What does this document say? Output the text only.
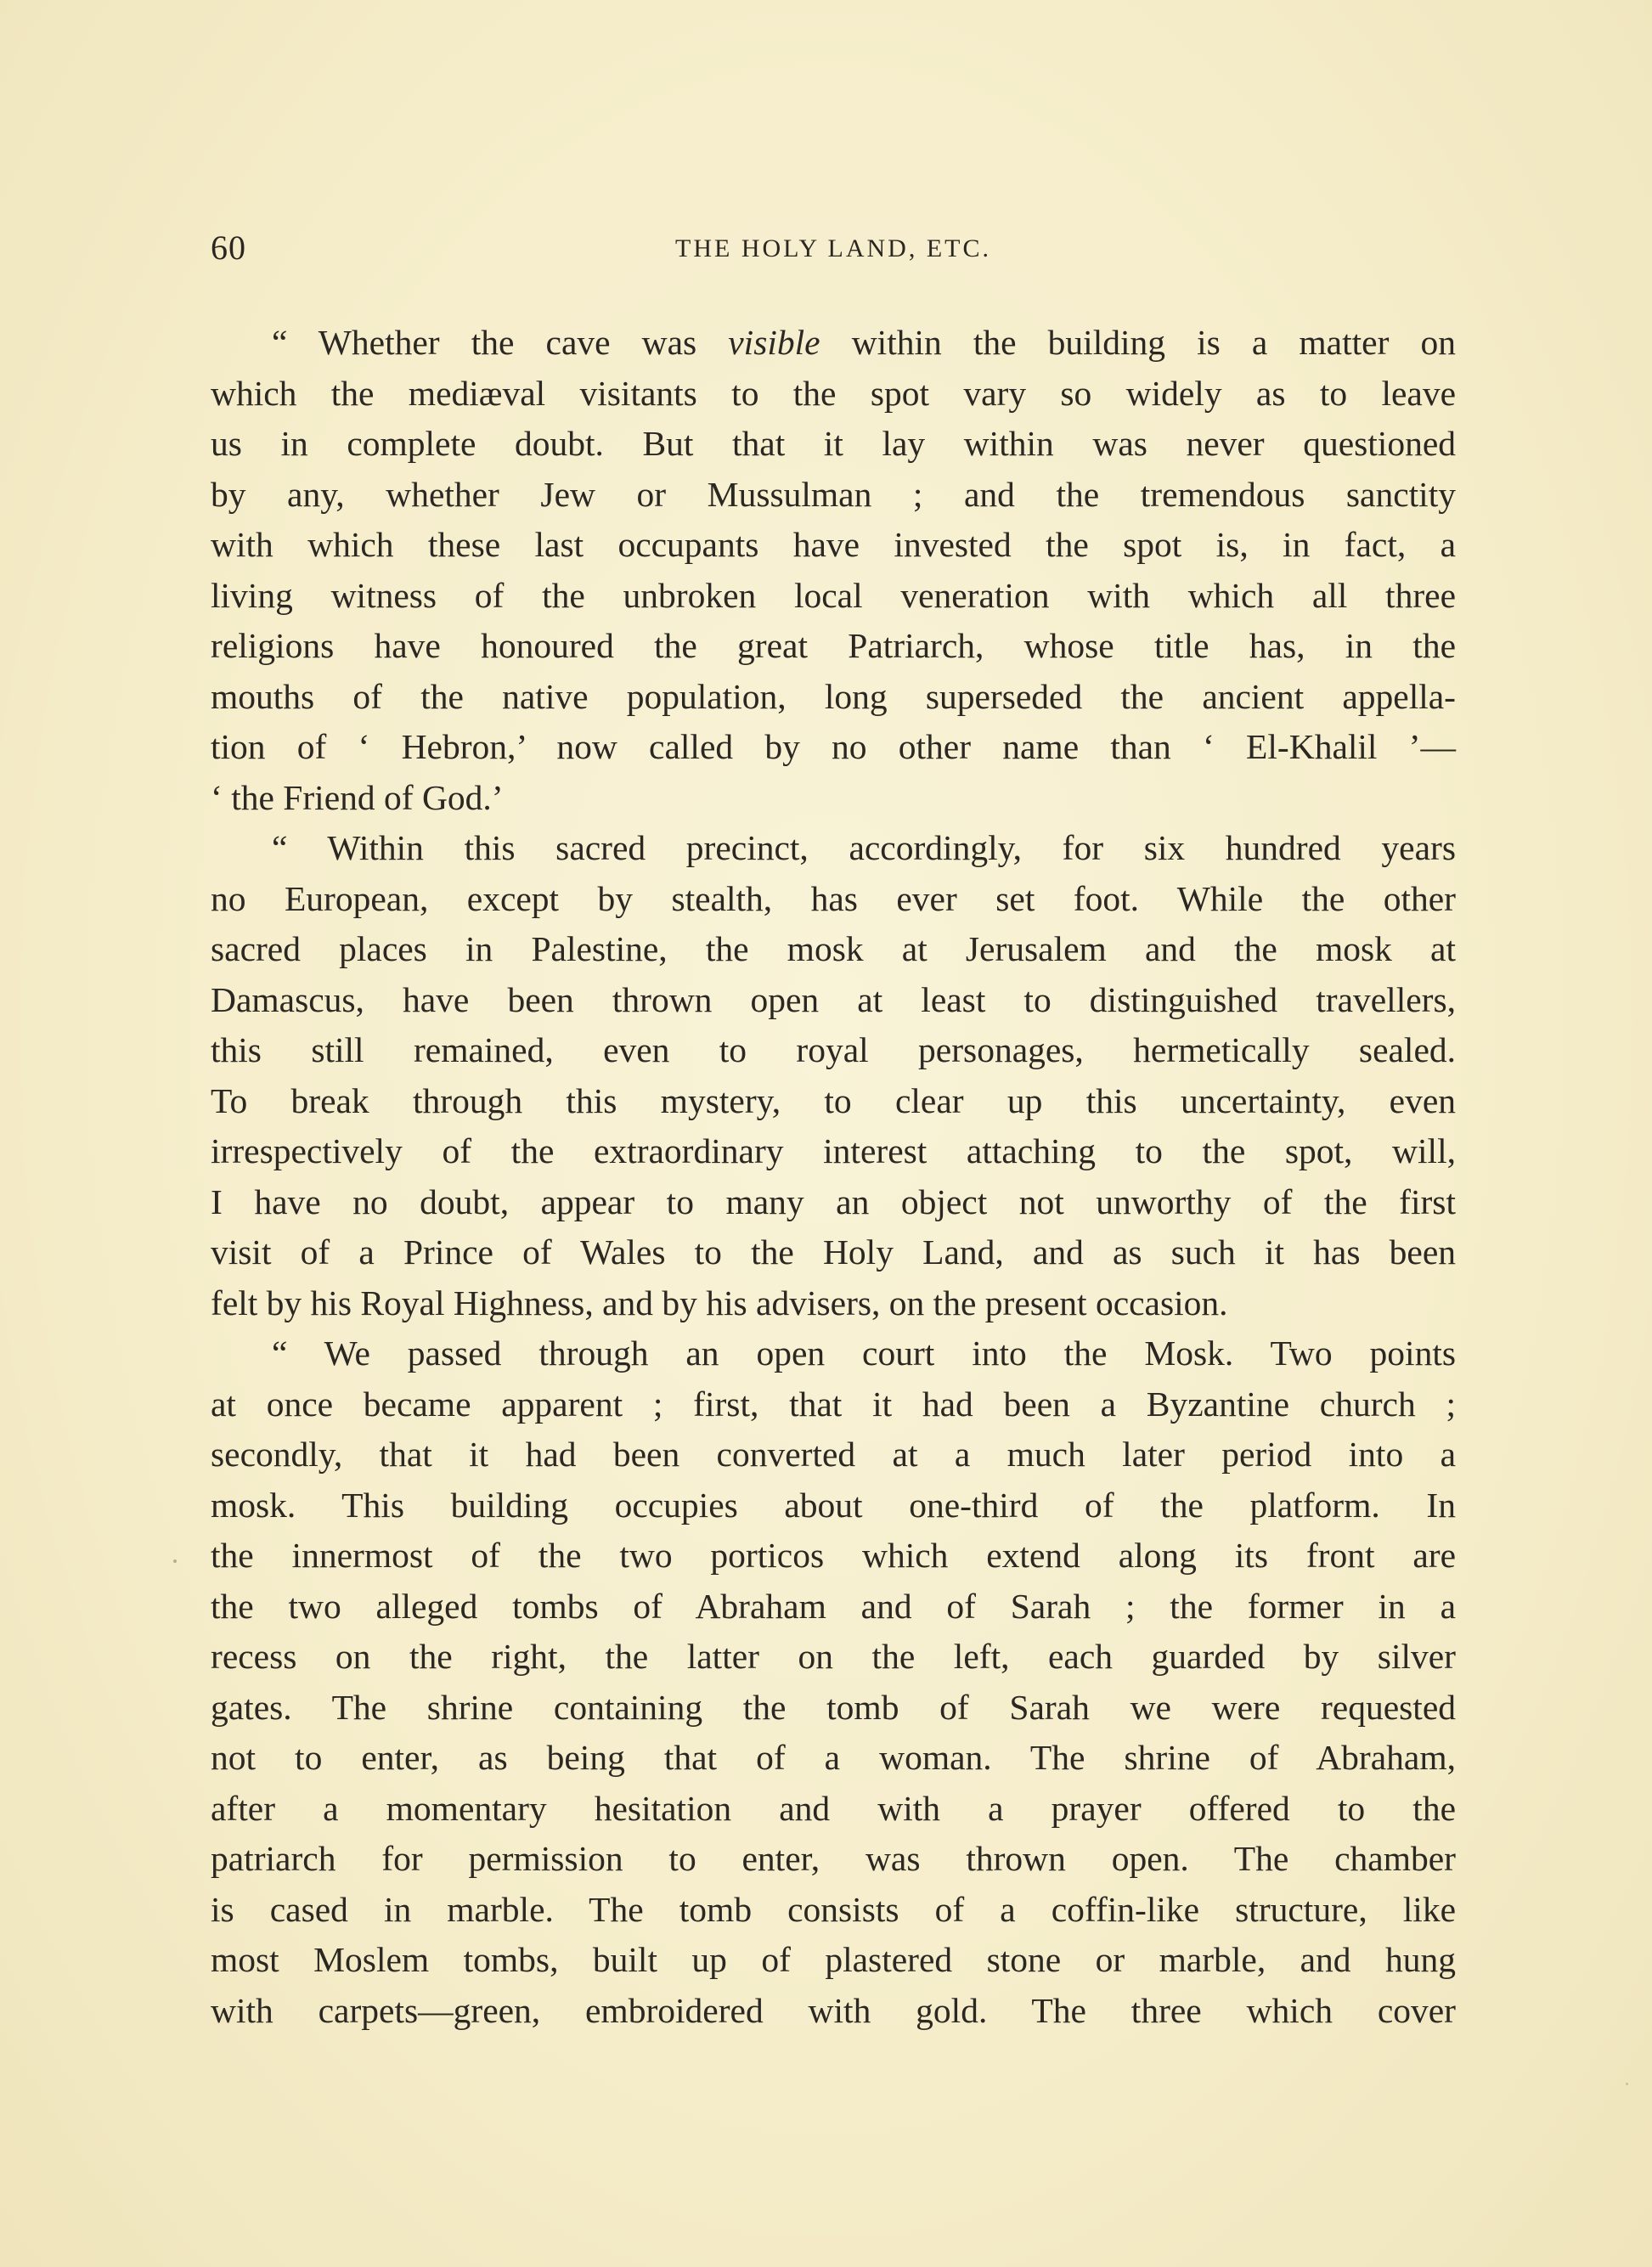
60	THE HOLY LAND, ETC.
“ Whether the cave was visible within the building is a matter on
which the mediæval visitants to the spot vary so widely as to leave
us in complete doubt. But that it lay within was never questioned
by any, whether Jew or Mussulman ; and the tremendous sanctity
with which these last occupants have invested the spot is, in fact, a
living witness of the unbroken local veneration with which all three
religions have honoured the great Patriarch, whose title has, in the
mouths of the native population, long superseded the ancient appella-
tion of ‘ Hebron,’ now called by no other name than ‘ El-Khalil ’—
‘ the Friend of God.’
“ Within this sacred precinct, accordingly, for six hundred years
no European, except by stealth, has ever set foot. While the other
sacred places in Palestine, the mosk at Jerusalem and the mosk at
Damascus, have been thrown open at least to distinguished travellers,
this still remained, even to royal personages, hermetically sealed.
To break through this mystery, to clear up this uncertainty, even
irrespectively of the extraordinary interest attaching to the spot, will,
I have no doubt, appear to many an object not unworthy of the first
visit of a Prince of Wales to the Holy Land, and as such it has been
felt by his Royal Highness, and by his advisers, on the present occasion.
“ We passed through an open court into the Mosk. Two points
at once became apparent ; first, that it had been a Byzantine church ;
secondly, that it had been converted at a much later period into a
mosk. This building occupies about one-third of the platform. In
the innermost of the two porticos which extend along its front are
the two alleged tombs of Abraham and of Sarah ; the former in a
recess on the right, the latter on the left, each guarded by silver
gates. The shrine containing the tomb of Sarah we were requested
not to enter, as being that of a woman. The shrine of Abraham,
after a momentary hesitation and with a prayer offered to the
patriarch for permission to enter, was thrown open. The chamber
is cased in marble. The tomb consists of a coffin-like structure, like
most Moslem tombs, built up of plastered stone or marble, and hung
with carpets—green, embroidered with gold. The three which cover
